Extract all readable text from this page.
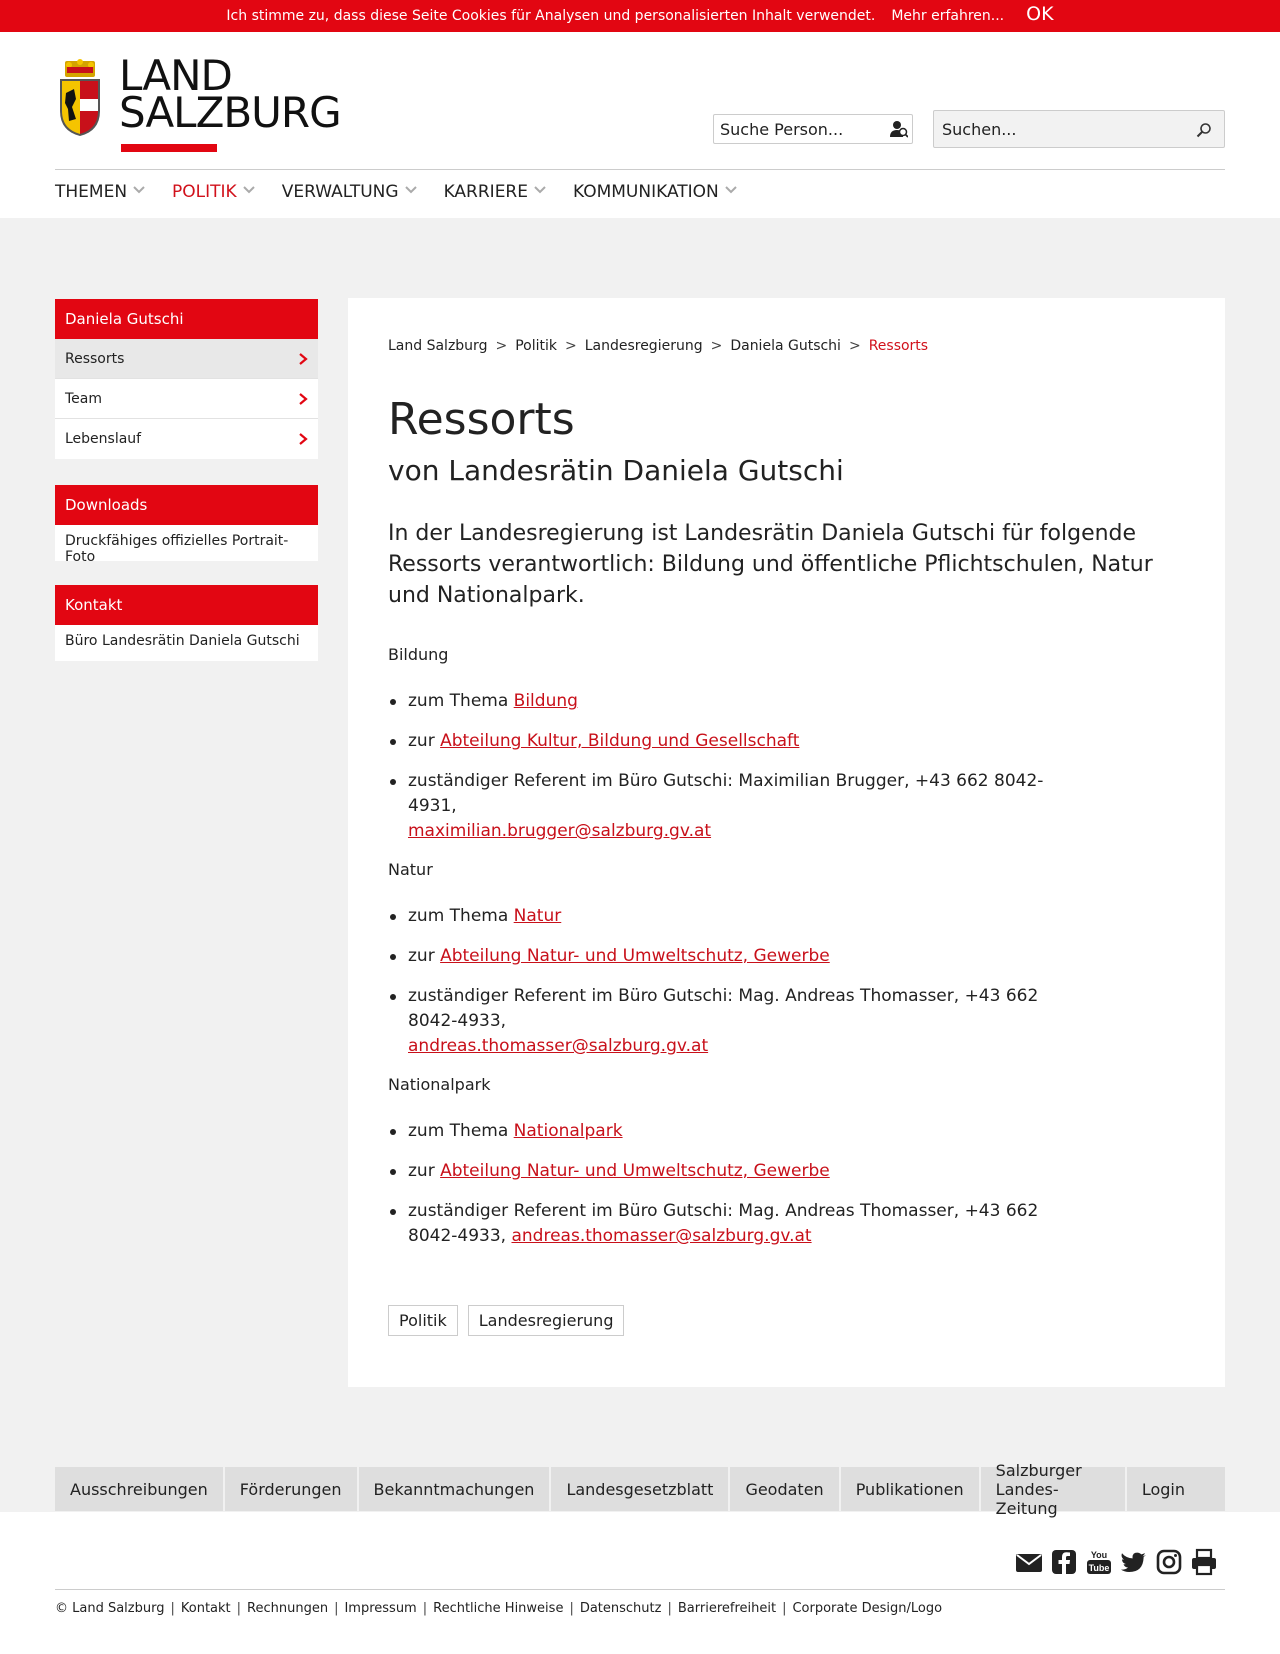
Ich stimme zu, dass diese Seite Cookies für Analysen und personalisierten Inhalt verwendet. Mehr erfahren... OK
LAND
SALZBURG	Suche Person...	Suchen...
THEMEN	POLITIK	VERWALTUNG	KARRIERE	KOMMUNIKATION
Daniela Gutschi
Ressorts
Team
Lebenslauf
Downloads
Druckfähiges offizielles Portrait-Foto
Kontakt
Büro Landesrätin Daniela Gutschi
Land Salzburg > Politik > Landesregierung > Daniela Gutschi > Ressorts
Ressorts
von Landesrätin Daniela Gutschi

In der Landesregierung ist Landesrätin Daniela Gutschi für folgende Ressorts verantwortlich: Bildung und öffentliche Pflichtschulen, Natur und Nationalpark.

Bildung
zum Thema Bildung
zur Abteilung Kultur, Bildung und Gesellschaft
zuständiger Referent im Büro Gutschi: Maximilian Brugger, +43 662 8042-4931,
maximilian.brugger@salzburg.gv.at
Natur
zum Thema Natur
zur Abteilung Natur- und Umweltschutz, Gewerbe
zuständiger Referent im Büro Gutschi: Mag. Andreas Thomasser, +43 662 8042-4933,
andreas.thomasser@salzburg.gv.at
Nationalpark
zum Thema Nationalpark
zur Abteilung Natur- und Umweltschutz, Gewerbe
zuständiger Referent im Büro Gutschi: Mag. Andreas Thomasser, +43 662 8042-4933, andreas.thomasser@salzburg.gv.at
Politik	Landesregierung
Ausschreibungen	Förderungen	Bekanntmachungen	Landesgesetzblatt	Geodaten	Publikationen
Salzburger Landes-Zeitung
Login
You
Tube
© Land Salzburg | Kontakt | Rechnungen | Impressum | Rechtliche Hinweise | Datenschutz | Barrierefreiheit | Corporate Design/Logo
